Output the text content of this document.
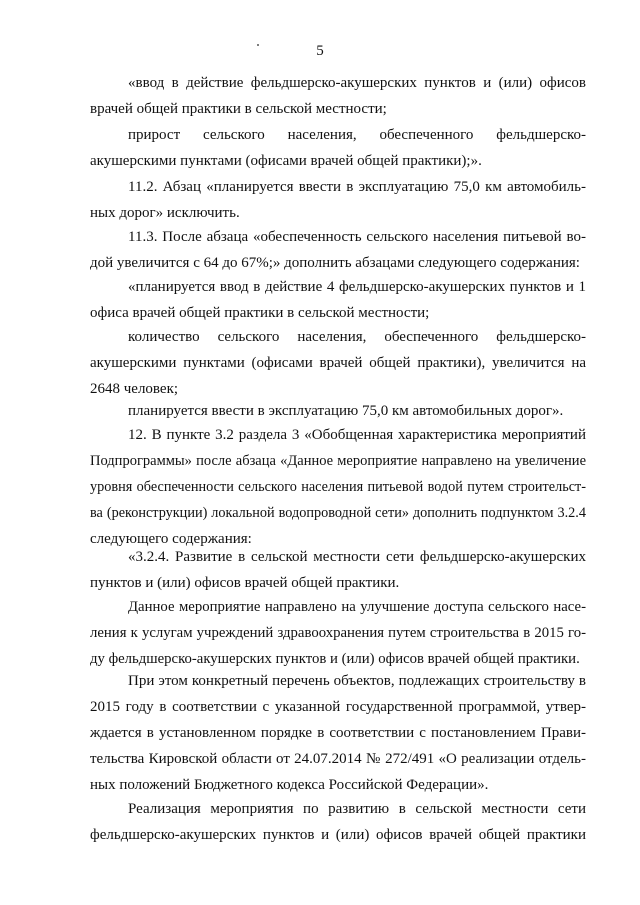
5
«ввод в действие фельдшерско-акушерских пунктов и (или) офисов
врачей общей практики в сельской местности;
прирост сельского населения, обеспеченного фельдшерско-
акушерскими пунктами (офисами врачей общей практики);».
11.2. Абзац «планируется ввести в эксплуатацию 75,0 км автомобиль-
ных дорог» исключить.
11.3. После абзаца «обеспеченность сельского населения питьевой во-
дой увеличится с 64 до 67%;» дополнить абзацами следующего содержания:
«планируется ввод в действие 4 фельдшерско-акушерских пунктов и 1
офиса врачей общей практики в сельской местности;
количество сельского населения, обеспеченного фельдшерско-
акушерскими пунктами (офисами врачей общей практики), увеличится на
2648 человек;
планируется ввести в эксплуатацию 75,0 км автомобильных дорог».
12. В пункте 3.2 раздела 3 «Обобщенная характеристика мероприятий
Подпрограммы» после абзаца «Данное мероприятие направлено на увеличение
уровня обеспеченности сельского населения питьевой водой путем строительст-
ва (реконструкции) локальной водопроводной сети» дополнить подпунктом 3.2.4
следующего содержания:
«3.2.4. Развитие в сельской местности сети фельдшерско-акушерских
пунктов и (или) офисов врачей общей практики.
Данное мероприятие направлено на улучшение доступа сельского насе-
ления к услугам учреждений здравоохранения путем строительства в 2015 го-
ду фельдшерско-акушерских пунктов и (или) офисов врачей общей практики.
При этом конкретный перечень объектов, подлежащих строительству в
2015 году в соответствии с указанной государственной программой, утвер-
ждается в установленном порядке в соответствии с постановлением Прави-
тельства Кировской области от 24.07.2014 № 272/491 «О реализации отдель-
ных положений Бюджетного кодекса Российской Федерации».
Реализация мероприятия по развитию в сельской местности сети
фельдшерско-акушерских пунктов и (или) офисов врачей общей практики
